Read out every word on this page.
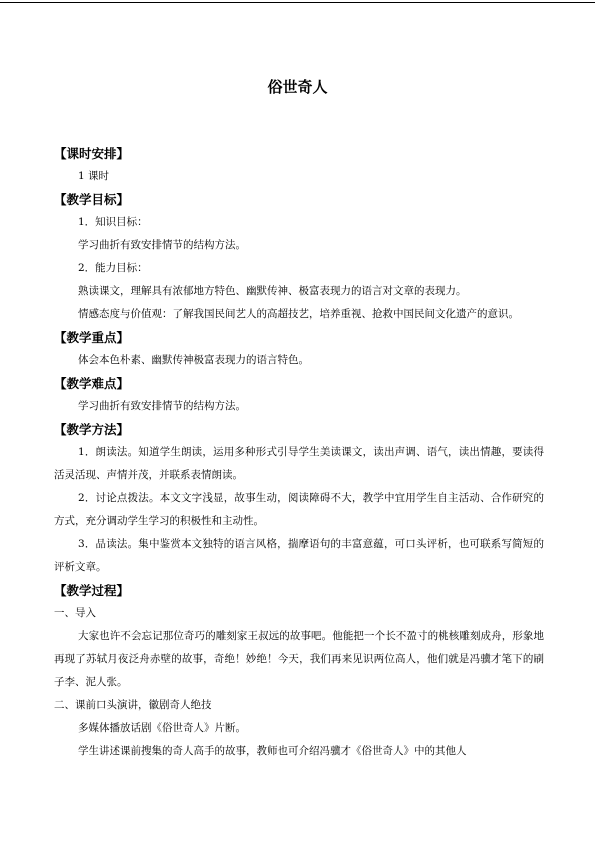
俗世奇人
【课时安排】
1 课时
【教学目标】
1．知识目标：
学习曲折有致安排情节的结构方法。
2．能力目标：
熟读课文，理解具有浓郁地方特色、幽默传神、极富表现力的语言对文章的表现力。
情感态度与价值观：了解我国民间艺人的高超技艺，培养重视、抢救中国民间文化遗产的意识。
【教学重点】
体会本色朴素、幽默传神极富表现力的语言特色。
【教学难点】
学习曲折有致安排情节的结构方法。
【教学方法】
1．朗读法。知道学生朗读，运用多种形式引导学生美读课文，读出声调、语气，读出情趣，要读得活灵活现、声情并茂，并联系表情朗读。
2．讨论点拨法。本文文字浅显，故事生动，阅读障碍不大，教学中宜用学生自主活动、合作研究的方式，充分调动学生学习的积极性和主动性。
3．品读法。集中鉴赏本文独特的语言风格，揣摩语句的丰富意蕴，可口头评析，也可联系写简短的评析文章。
【教学过程】
一、导入
大家也许不会忘记那位奇巧的雕刻家王叔远的故事吧。他能把一个长不盈寸的桃核雕刻成舟，形象地再现了苏轼月夜泛舟赤壁的故事，奇绝！妙绝！今天，我们再来见识两位高人，他们就是冯骥才笔下的刷子李、泥人张。
二、课前口头演讲，徽剧奇人绝技
多媒体播放话剧《俗世奇人》片断。
学生讲述课前搜集的奇人高手的故事，教师也可介绍冯骥才《俗世奇人》中的其他人
